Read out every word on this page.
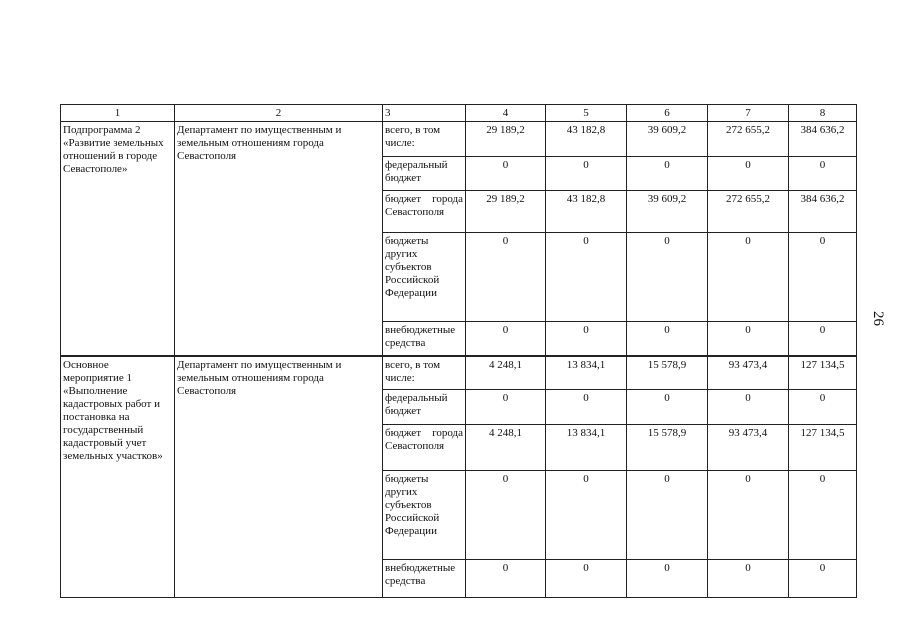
1	2	3	4	5	6	7	8
Подпрограмма 2 «Развитие земельных отношений в городе Севастополе»	Департамент по имущественным и земельным отношениям города Севастополя	всего, в том числе:	29 189,2	43 182,8	39 609,2	272 655,2	384 636,2
		федеральный бюджет	0	0	0	0	0
		бюджет города Севастополя	29 189,2	43 182,8	39 609,2	272 655,2	384 636,2
		бюджеты других субъектов Российской Федерации	0	0	0	0	0
		внебюджетные средства	0	0	0	0	0
Основное мероприятие 1 «Выполнение кадастровых работ и постановка на государственный кадастровый учет земельных участков»	Департамент по имущественным и земельным отношениям города Севастополя	всего, в том числе:	4 248,1	13 834,1	15 578,9	93 473,4	127 134,5
		федеральный бюджет	0	0	0	0	0
		бюджет города Севастополя	4 248,1	13 834,1	15 578,9	93 473,4	127 134,5
		бюджеты других субъектов Российской Федерации	0	0	0	0	0
		внебюджетные средства	0	0	0	0	0
26
